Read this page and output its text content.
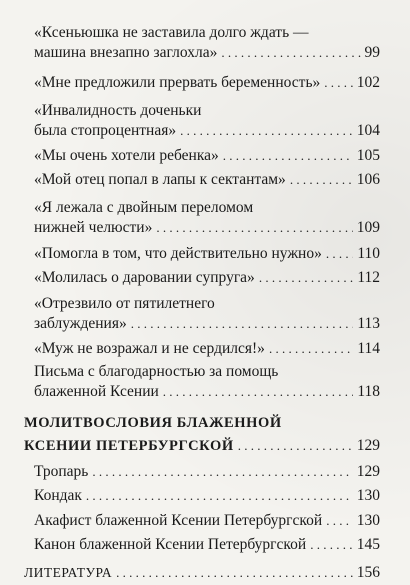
«Ксеньюшка не заставила долго ждать —
машина внезапно заглохла» . . .	99
«Мне предложили прервать беременность» . . . 102
«Инвалидность доченьки
была стопроцентная» . . .	104
«Мы очень хотели ребенка» . . .	105
«Мой отец попал в лапы к сектантам» . . .	106
«Я лежала с двойным переломом
нижней челюсти» . . .	109
«Помогла в том, что действительно нужно» . . . 110
«Молилась о даровании супруга» . . .	112
«Отрезвило от пятилетнего
заблуждения» . . .	113
«Муж не возражал и не сердился!» . . .	114
Письма с благодарностью за помощь
блаженной Ксении . . .	118
МОЛИТВОСЛОВИЯ БЛАЖЕННОЙ
КСЕНИИ ПЕТЕРБУРГСКОЙ . . .	129
Тропарь . . .	129
Кондак . . .	130
Акафист блаженной Ксении Петербургской . . . 130
Канон блаженной Ксении Петербургской . . .	145
ЛИТЕРАТУРА . . .	156
